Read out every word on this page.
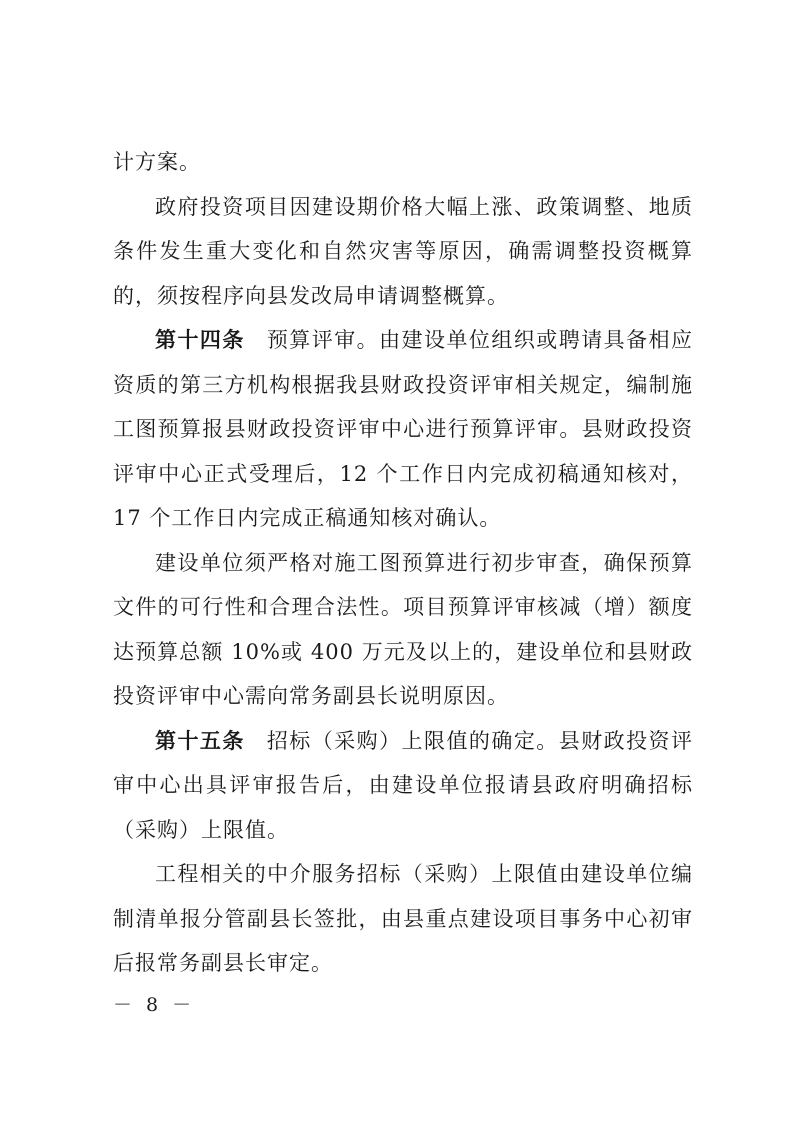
计方案。

政府投资项目因建设期价格大幅上涨、政策调整、地质条件发生重大变化和自然灾害等原因，确需调整投资概算的，须按程序向县发改局申请调整概算。

第十四条 预算评审。由建设单位组织或聘请具备相应资质的第三方机构根据我县财政投资评审相关规定，编制施工图预算报县财政投资评审中心进行预算评审。县财政投资评审中心正式受理后，12 个工作日内完成初稿通知核对，17 个工作日内完成正稿通知核对确认。

建设单位须严格对施工图预算进行初步审查，确保预算文件的可行性和合理合法性。项目预算评审核减（增）额度达预算总额 10%或 400 万元及以上的，建设单位和县财政投资评审中心需向常务副县长说明原因。

第十五条 招标（采购）上限值的确定。县财政投资评审中心出具评审报告后，由建设单位报请县政府明确招标（采购）上限值。

工程相关的中介服务招标（采购）上限值由建设单位编制清单报分管副县长签批，由县重点建设项目事务中心初审后报常务副县长审定。

－ 8 －
